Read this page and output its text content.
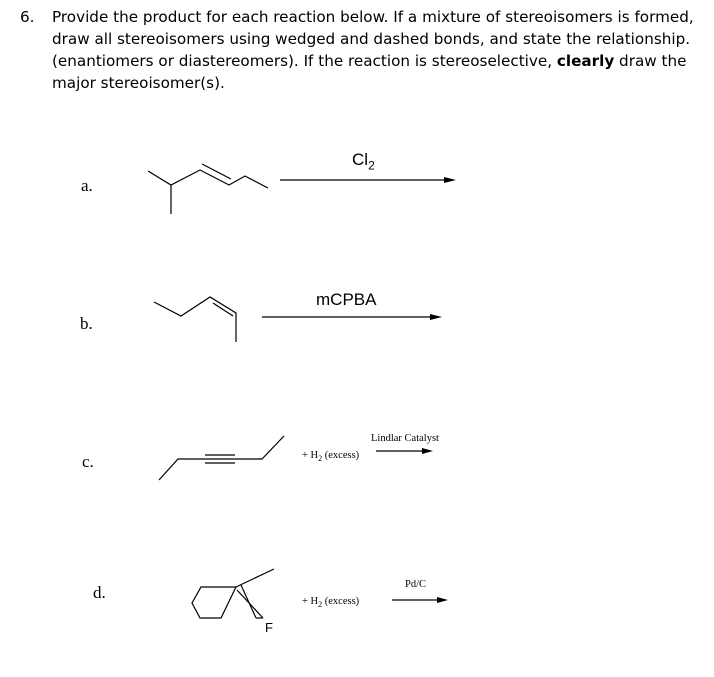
6. Provide the product for each reaction below. If a mixture of stereoisomers is formed, draw all stereoisomers using wedged and dashed bonds, and state the relationship. (enantiomers or diastereomers). If the reaction is stereoselective, clearly draw the major stereoisomer(s).
a.
$Cl_2$
b.
mCPBA
c.	+ $H_2$ (excess)
Lindlar Catalyst
d.
F
+ $H_2$ (excess)
Pd/C
